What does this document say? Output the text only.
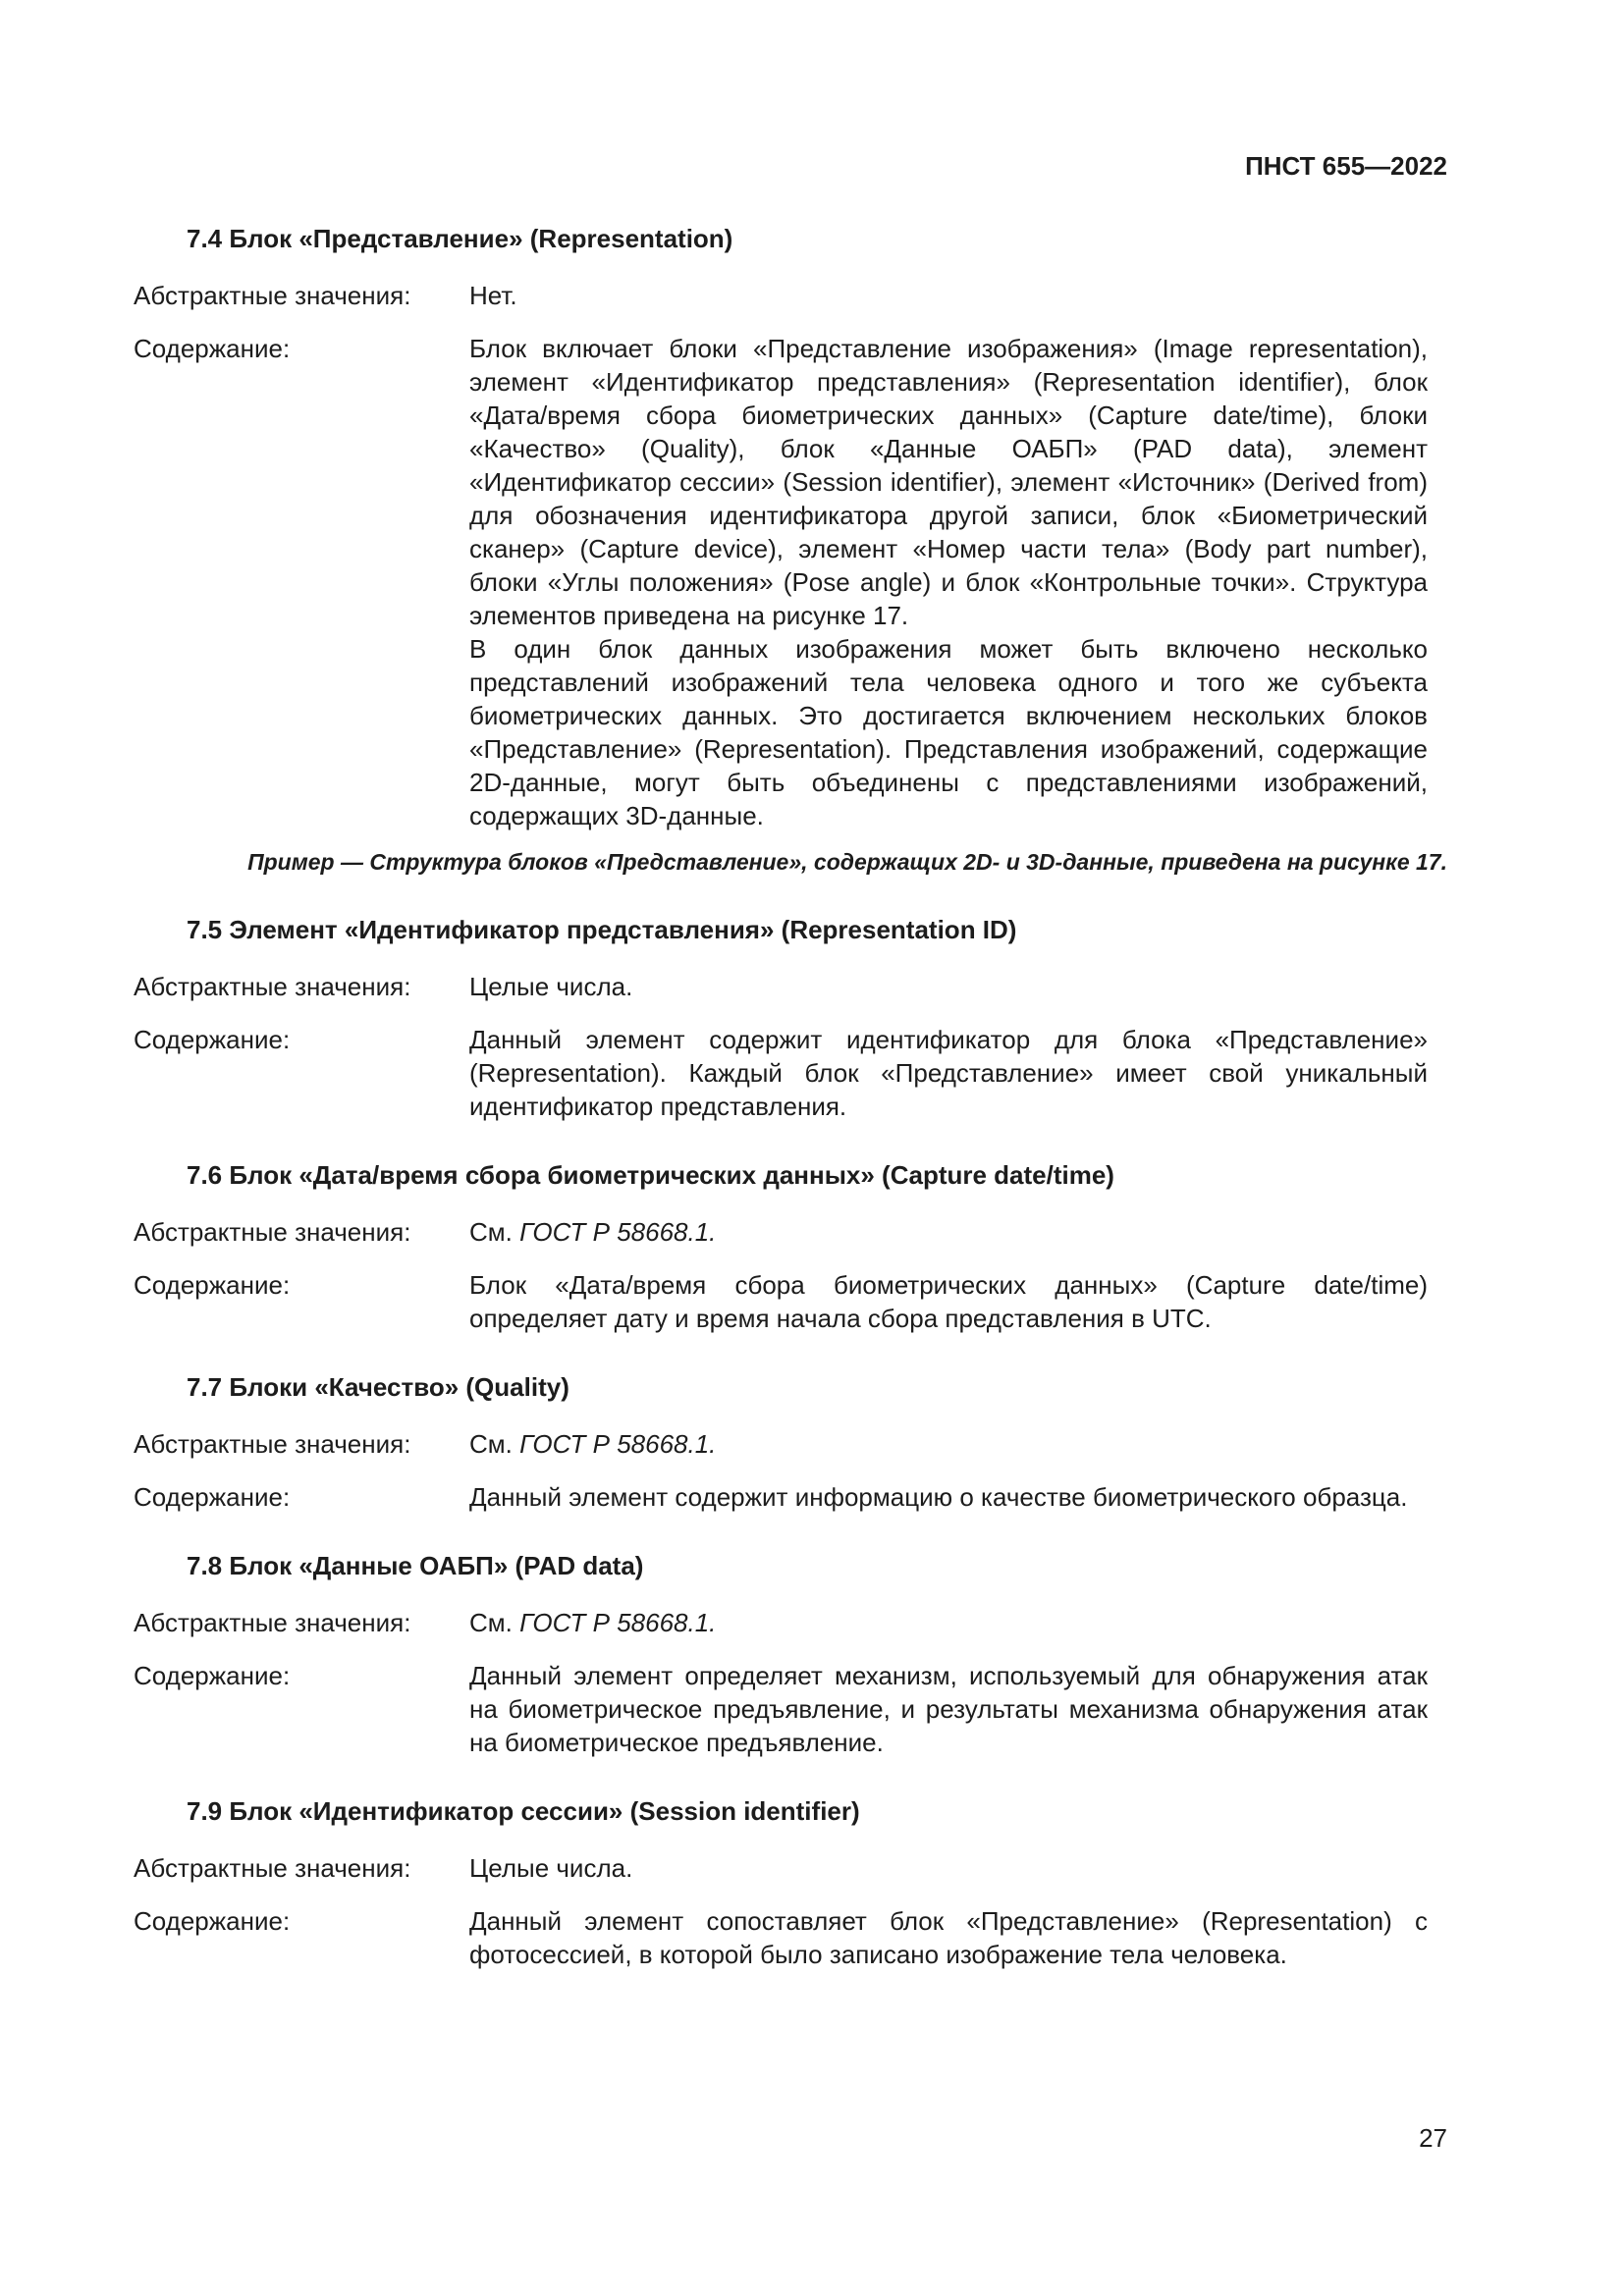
ПНСТ 655—2022
7.4 Блок «Представление» (Representation)
Абстрактные значения:	Нет.
Содержание:	Блок включает блоки «Представление изображения» (Image representation), элемент «Идентификатор представления» (Representation identifier), блок «Дата/время сбора биометрических данных» (Capture date/time), блоки «Качество» (Quality), блок «Данные ОАБП» (PAD data), элемент «Идентификатор сессии» (Session identifier), элемент «Источник» (Derived from) для обозначения идентификатора другой записи, блок «Биометрический сканер» (Capture device), элемент «Номер части тела» (Body part number), блоки «Углы положения» (Pose angle) и блок «Контрольные точки». Структура элементов приведена на рисунке 17.

В один блок данных изображения может быть включено несколько представлений изображений тела человека одного и того же субъекта биометрических данных. Это достигается включением нескольких блоков «Представление» (Representation). Представления изображений, содержащие 2D-данные, могут быть объединены с представлениями изображений, содержащих 3D-данные.

Пример — Структура блоков «Представление», содержащих 2D- и 3D-данные, приведена на рисунке 17.

7.5 Элемент «Идентификатор представления» (Representation ID)
Абстрактные значения:	Целые числа.
Содержание:	Данный элемент содержит идентификатор для блока «Представление» (Representation). Каждый блок «Представление» имеет свой уникальный идентификатор представления.
7.6 Блок «Дата/время сбора биометрических данных» (Capture date/time)
Абстрактные значения:	См. ГОСТ Р 58668.1.
Содержание:	Блок «Дата/время сбора биометрических данных» (Capture date/time) определяет дату и время начала сбора представления в UTC.
7.7 Блоки «Качество» (Quality)
Абстрактные значения:	См. ГОСТ Р 58668.1.
Содержание:	Данный элемент содержит информацию о качестве биометрического образца.
7.8 Блок «Данные ОАБП» (PAD data)
Абстрактные значения:	См. ГОСТ Р 58668.1.
Содержание:	Данный элемент определяет механизм, используемый для обнаружения атак на биометрическое предъявление, и результаты механизма обнаружения атак на биометрическое предъявление.
7.9 Блок «Идентификатор сессии» (Session identifier)
Абстрактные значения:	Целые числа.
Содержание:	Данный элемент сопоставляет блок «Представление» (Representation) с фотосессией, в которой было записано изображение тела человека.
27
